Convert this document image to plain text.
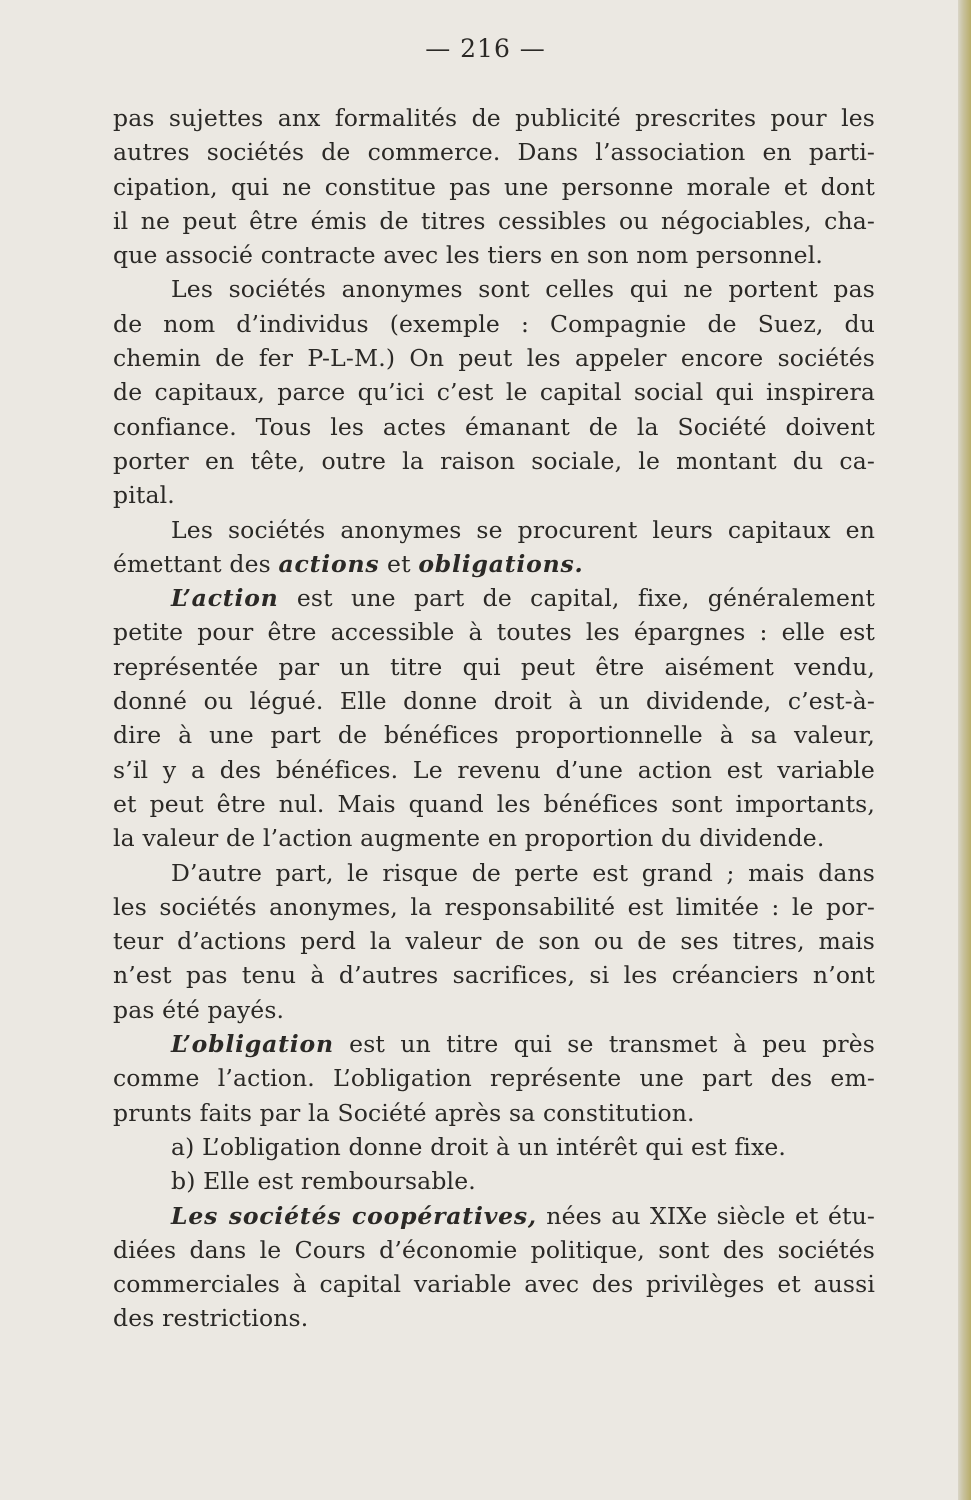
— 216 —
pas sujettes anx formalités de publicité prescrites pour les
autres sociétés de commerce. Dans l’association en parti-
cipation, qui ne constitue pas une personne morale et dont
il ne peut être émis de titres cessibles ou négociables, cha-
que associé contracte avec les tiers en son nom personnel.
Les sociétés anonymes sont celles qui ne portent pas
de nom d’individus (exemple : Compagnie de Suez, du
chemin de fer P-L-M.) On peut les appeler encore sociétés
de capitaux, parce qu’ici c’est le capital social qui inspirera
confiance. Tous les actes émanant de la Société doivent
porter en tête, outre la raison sociale, le montant du ca-
pital.
Les sociétés anonymes se procurent leurs capitaux en
émettant des actions et obligations.
L’action est une part de capital, fixe, généralement
petite pour être accessible à toutes les épargnes : elle est
représentée par un titre qui peut être aisément vendu,
donné ou légué. Elle donne droit à un dividende, c’est-à-
dire à une part de bénéfices proportionnelle à sa valeur,
s’il y a des bénéfices. Le revenu d’une action est variable
et peut être nul. Mais quand les bénéfices sont importants,
la valeur de l’action augmente en proportion du dividende.
D’autre part, le risque de perte est grand ; mais dans
les sociétés anonymes, la responsabilité est limitée : le por-
teur d’actions perd la valeur de son ou de ses titres, mais
n’est pas tenu à d’autres sacrifices, si les créanciers n’ont
pas été payés.
L’obligation est un titre qui se transmet à peu près
comme l’action. L’obligation représente une part des em-
prunts faits par la Société après sa constitution.
a) L’obligation donne droit à un intérêt qui est fixe.
b) Elle est remboursable.
Les sociétés coopératives, nées au XIXe siècle et étu-
diées dans le Cours d’économie politique, sont des sociétés
commerciales à capital variable avec des privilèges et aussi
des restrictions.
